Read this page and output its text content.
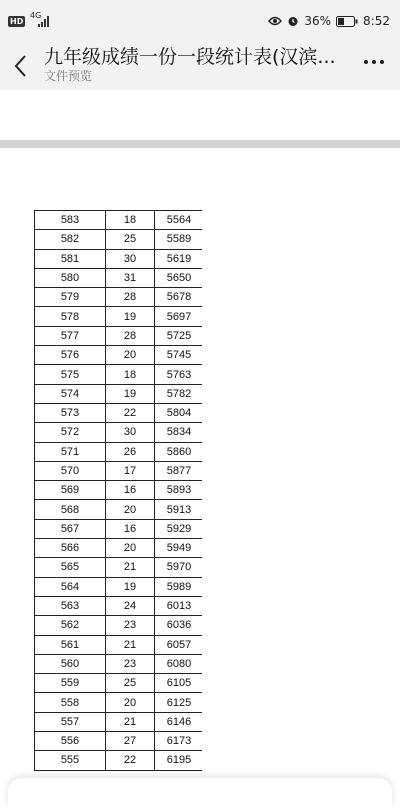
HD
4G	36%	8:52
九年级成绩一份一段统计表(汉滨...
文件预览
583	18	5564
582	25	5589
581	30	5619
580	31	5650
579	28	5678
578	19	5697
577	28	5725
576	20	5745
575	18	5763
574	19	5782
573	22	5804
572	30	5834
571	26	5860
570	17	5877
569	16	5893
568	20	5913
567	16	5929
566	20	5949
565	21	5970
564	19	5989
563	24	6013
562	23	6036
561	21	6057
560	23	6080
559	25	6105
558	20	6125
557	21	6146
556	27	6173
555	22	6195
